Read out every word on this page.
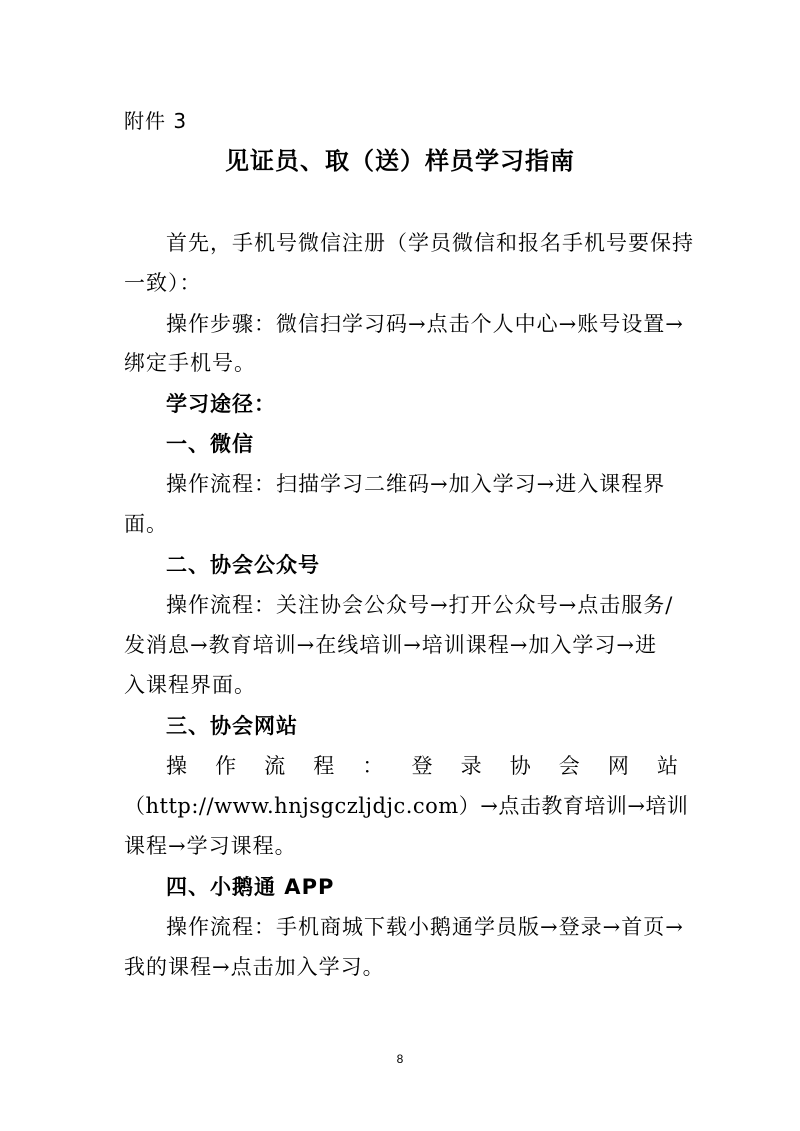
附件 3
见证员、取（送）样员学习指南
首先，手机号微信注册（学员微信和报名手机号要保持
一致）：
操作步骤：微信扫学习码→点击个人中心→账号设置→
绑定手机号。
学习途径：
一、微信
操作流程：扫描学习二维码→加入学习→进入课程界
面。
二、协会公众号
操作流程：关注协会公众号→打开公众号→点击服务/
发消息→教育培训→在线培训→培训课程→加入学习→进
入课程界面。
三、协会网站
操 作 流 程 ： 登 录 协 会 网 站
（http://www.hnjsgczljdjc.com）→点击教育培训→培训
课程→学习课程。
四、小鹅通 APP
操作流程：手机商城下载小鹅通学员版→登录→首页→
我的课程→点击加入学习。
8
